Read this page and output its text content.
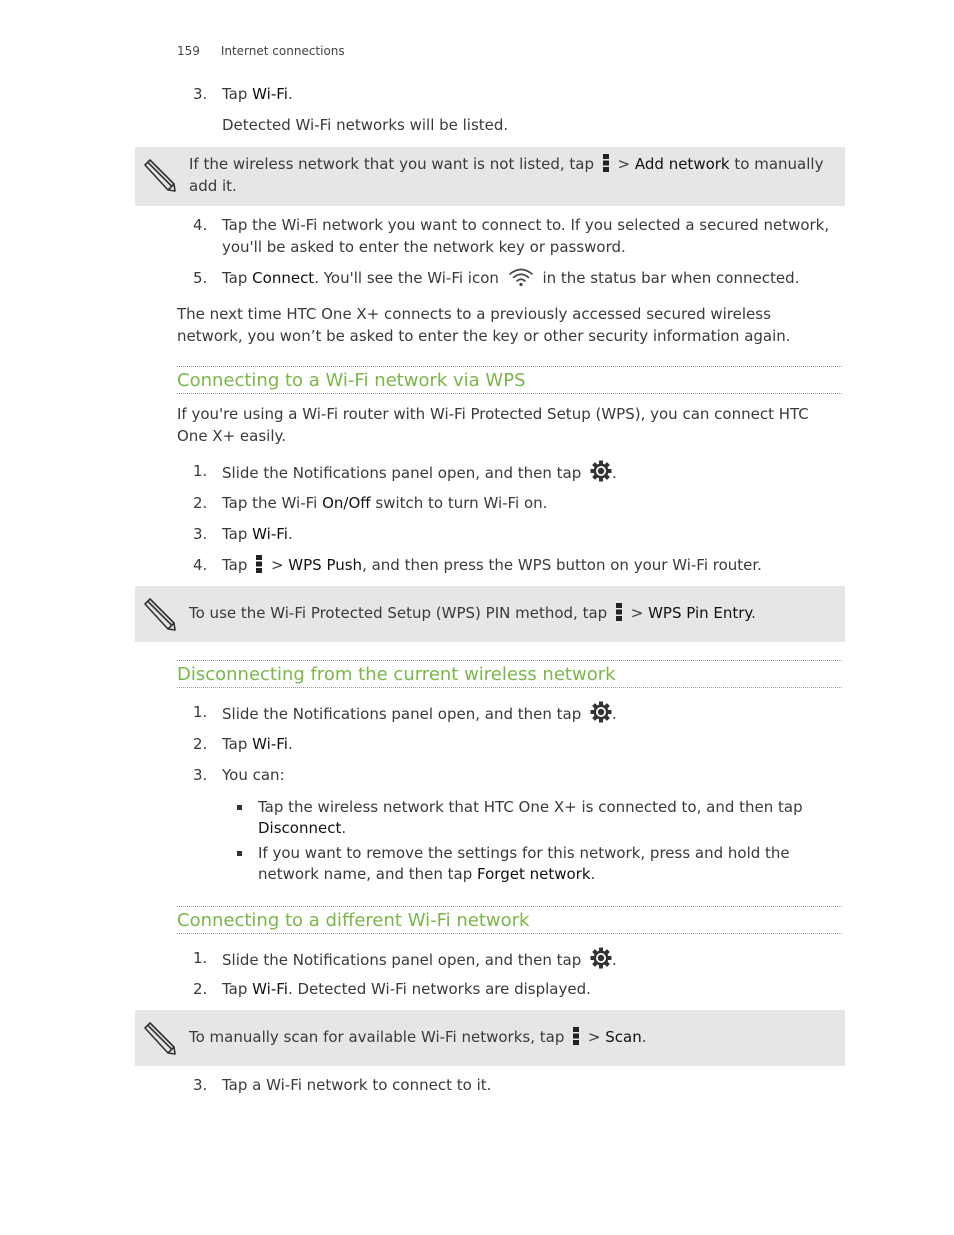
159 Internet connections
3. Tap Wi-Fi.
Detected Wi-Fi networks will be listed.
If the wireless network that you want is not listed, tap  > Add network to manually add it.
4. Tap the Wi-Fi network you want to connect to. If you selected a secured network, you'll be asked to enter the network key or password.
5. Tap Connect. You'll see the Wi-Fi icon  in the status bar when connected.
The next time HTC One X+ connects to a previously accessed secured wireless network, you won’t be asked to enter the key or other security information again.
Connecting to a Wi-Fi network via WPS
If you're using a Wi-Fi router with Wi-Fi Protected Setup (WPS), you can connect HTC One X+ easily.
1. Slide the Notifications panel open, and then tap .
2. Tap the Wi-Fi On/Off switch to turn Wi-Fi on.
3. Tap Wi-Fi.
4. Tap  > WPS Push, and then press the WPS button on your Wi-Fi router.
To use the Wi-Fi Protected Setup (WPS) PIN method, tap  > WPS Pin Entry.
Disconnecting from the current wireless network
1. Slide the Notifications panel open, and then tap .
2. Tap Wi-Fi.
3. You can:
Tap the wireless network that HTC One X+ is connected to, and then tap Disconnect.
If you want to remove the settings for this network, press and hold the network name, and then tap Forget network.
Connecting to a different Wi-Fi network
1. Slide the Notifications panel open, and then tap .
2. Tap Wi-Fi. Detected Wi-Fi networks are displayed.
To manually scan for available Wi-Fi networks, tap  > Scan.
3. Tap a Wi-Fi network to connect to it.
